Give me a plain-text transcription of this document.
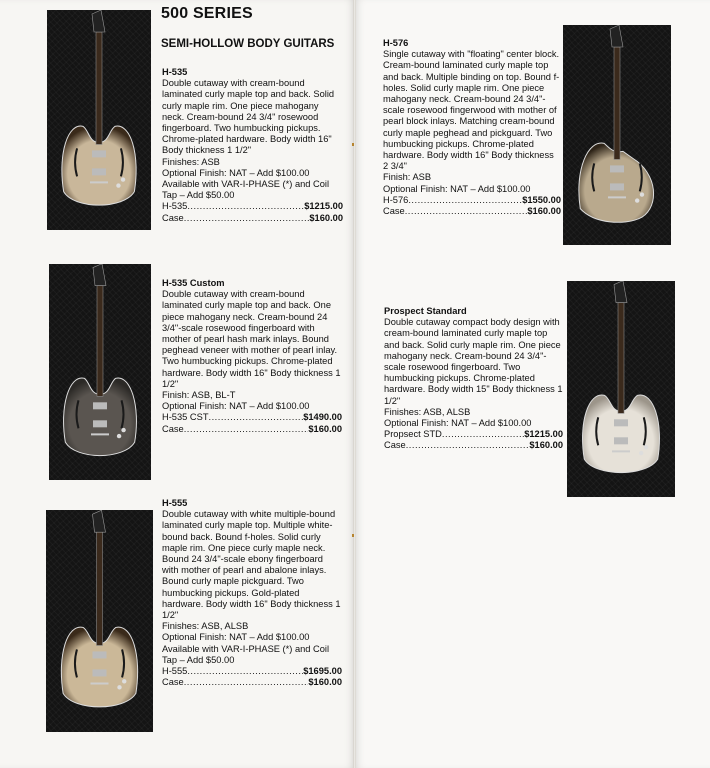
500 SERIES
SEMI-HOLLOW BODY GUITARS
H-535
Double cutaway with cream-bound laminated curly maple top and back. Solid curly maple rim. One piece mahogany neck. Cream-bound 24 3/4" rosewood fingerboard. Two humbucking pickups. Chrome-plated hardware. Body width 16" Body thickness 1 1/2"
Finishes: ASB
Optional Finish: NAT – Add $100.00
Available with VAR-I-PHASE (*) and Coil Tap – Add $50.00
H-535 .....	$1215.00
Case .....	$160.00
H-535 Custom
Double cutaway with cream-bound laminated curly maple top and back. One piece mahogany neck. Cream-bound 24 3/4"-scale rosewood fingerboard with mother of pearl hash mark inlays. Bound peghead veneer with mother of pearl inlay. Two humbucking pickups. Chrome-plated hardware. Body width 16" Body thickness 1 1/2"
Finish: ASB, BL-T
Optional Finish: NAT – Add $100.00
H-535 CST .....	$1490.00
Case .....	$160.00
H-555
Double cutaway with white multiple-bound laminated curly maple top. Multiple white-bound back. Bound f-holes. Solid curly maple rim. One piece curly maple neck. Bound 24 3/4"-scale ebony fingerboard with mother of pearl and abalone inlays. Bound curly maple pickguard. Two humbucking pickups. Gold-plated hardware. Body width 16" Body thickness 1 1/2"
Finishes: ASB, ALSB
Optional Finish: NAT – Add $100.00
Available with VAR-I-PHASE (*) and Coil Tap – Add $50.00
H-555 .....	$1695.00
Case .....	$160.00
H-576
Single cutaway with "floating" center block. Cream-bound laminated curly maple top and back. Multiple binding on top. Bound f-holes. Solid curly maple rim. One piece mahogany neck. Cream-bound 24 3/4"-scale rosewood fingerwood with mother of pearl block inlays. Matching cream-bound curly maple peghead and pickguard. Two humbucking pickups. Chrome-plated hardware. Body width 16" Body thickness 2 3/4"
Finish: ASB
Optional Finish: NAT – Add $100.00
H-576 .....	$1550.00
Case .....	$160.00
Prospect Standard
Double cutaway compact body design with cream-bound laminated curly maple top and back. Solid curly maple rim. One piece mahogany neck. Cream-bound 24 3/4"-scale rosewood fingerboard. Two humbucking pickups. Chrome-plated hardware. Body width 15" Body thickness 1 1/2"
Finishes: ASB, ALSB
Optional Finish: NAT – Add $100.00
Propsect STD .....	$1215.00
Case .....	$160.00
